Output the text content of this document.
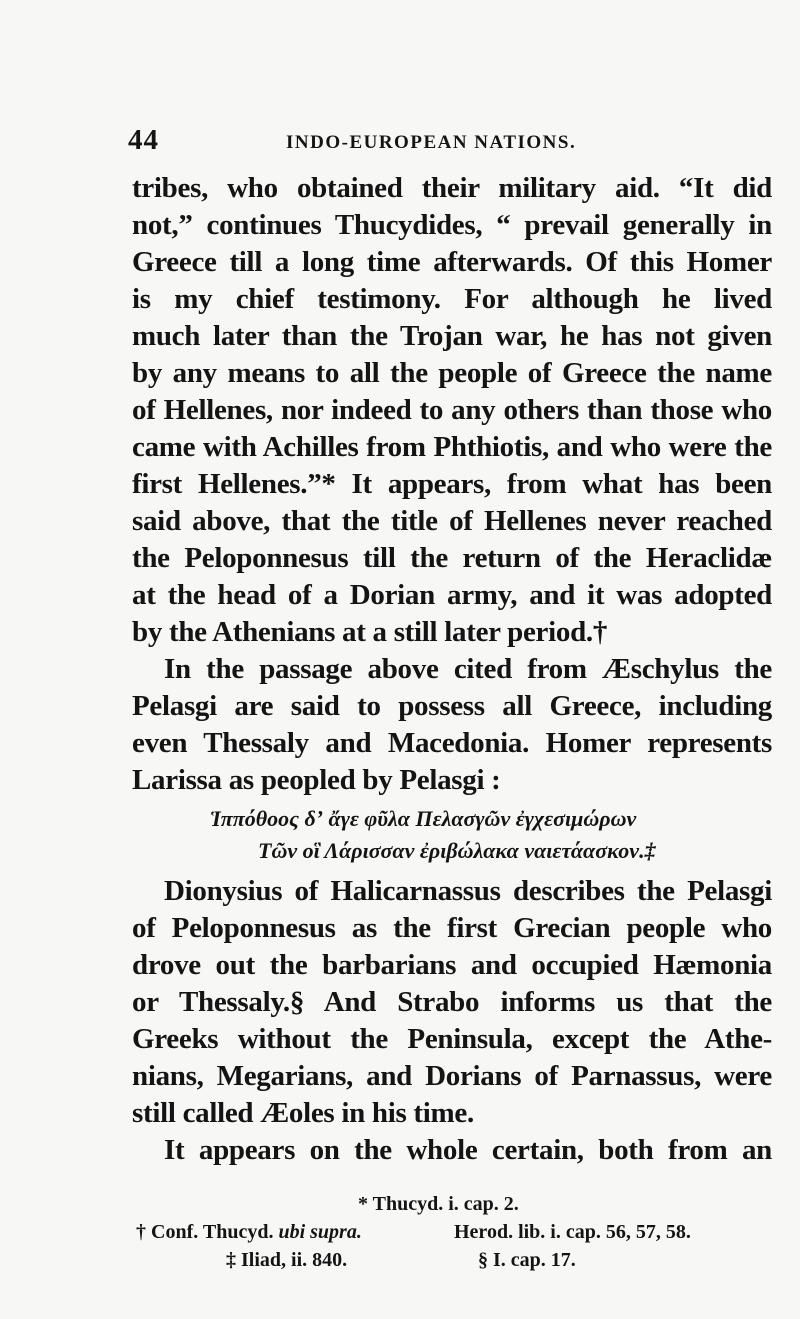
44	INDO-EUROPEAN NATIONS.
tribes, who obtained their military aid. “It did
not,” continues Thucydides, “ prevail generally in
Greece till a long time afterwards. Of this Homer
is my chief testimony. For although he lived
much later than the Trojan war, he has not given
by any means to all the people of Greece the name
of Hellenes, nor indeed to any others than those who
came with Achilles from Phthiotis, and who were the
first Hellenes.”* It appears, from what has been
said above, that the title of Hellenes never reached
the Peloponnesus till the return of the Heraclidæ
at the head of a Dorian army, and it was adopted
by the Athenians at a still later period.†
In the passage above cited from Æschylus the
Pelasgi are said to possess all Greece, including
even Thessaly and Macedonia. Homer represents
Larissa as peopled by Pelasgi :
Ἱππόθοος δʼ ἄγε φῦλα Πελασγῶν ἐγχεσιμώρων
Τῶν οἳ Λάρισσαν ἐριβώλακα ναιετάασκον.‡
Dionysius of Halicarnassus describes the Pelasgi
of Peloponnesus as the first Grecian people who
drove out the barbarians and occupied Hæmonia
or Thessaly.§ And Strabo informs us that the
Greeks without the Peninsula, except the Athe-
nians, Megarians, and Dorians of Parnassus, were
still called Æoles in his time.
It appears on the whole certain, both from an
* Thucyd. i. cap. 2.
† Conf. Thucyd. ubi supra.	Herod. lib. i. cap. 56, 57, 58.
‡ Iliad, ii. 840.	§ I. cap. 17.
